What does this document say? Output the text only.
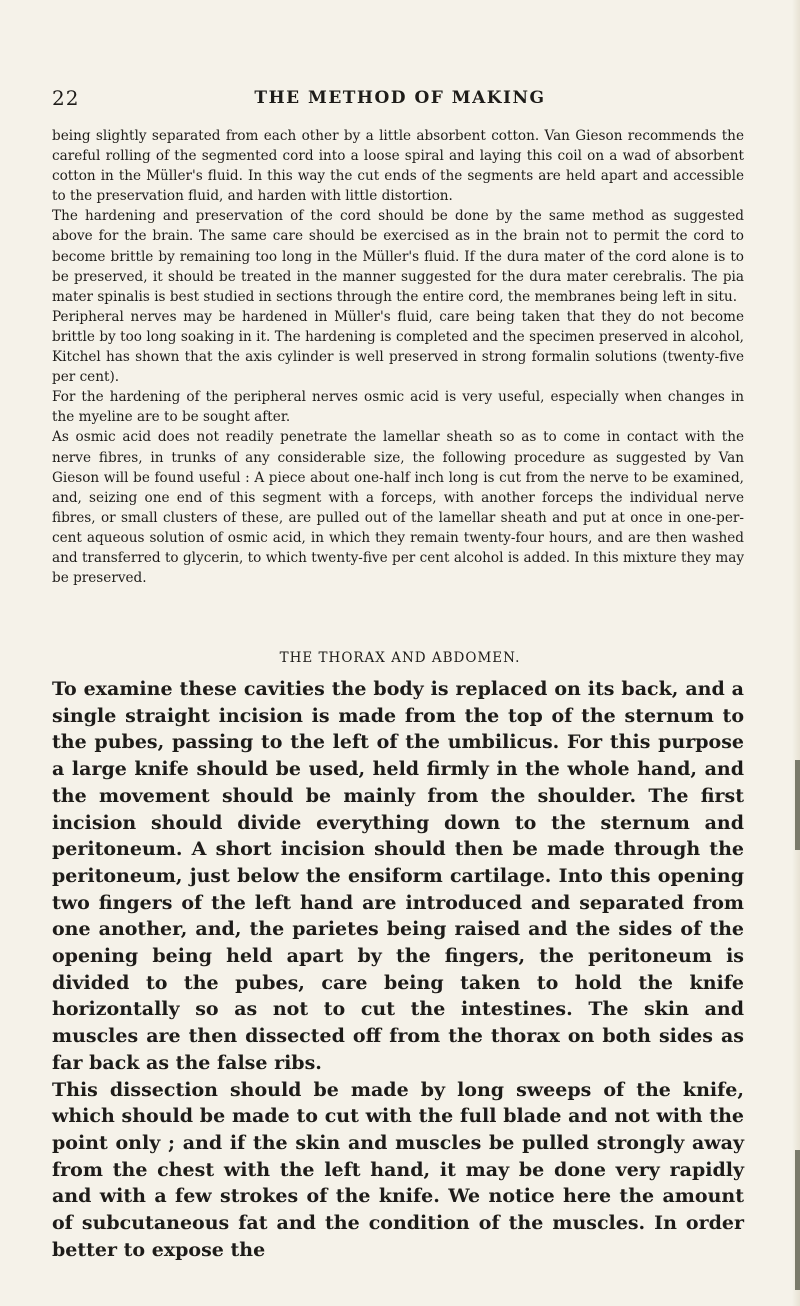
22	THE METHOD OF MAKING

being slightly separated from each other by a little absorbent cotton. Van Gieson recommends the careful rolling of the segmented cord into a loose spiral and laying this coil on a wad of absorbent cotton in the Müller's fluid. In this way the cut ends of the segments are held apart and accessible to the preservation fluid, and harden with little distortion.

The hardening and preservation of the cord should be done by the same method as suggested above for the brain. The same care should be exercised as in the brain not to permit the cord to become brittle by remaining too long in the Müller's fluid. If the dura mater of the cord alone is to be preserved, it should be treated in the manner suggested for the dura mater cerebralis. The pia mater spinalis is best studied in sections through the entire cord, the membranes being left in situ.

Peripheral nerves may be hardened in Müller's fluid, care being taken that they do not become brittle by too long soaking in it. The hardening is completed and the specimen preserved in alcohol, Kitchel has shown that the axis cylinder is well preserved in strong formalin solutions (twenty-five per cent).

For the hardening of the peripheral nerves osmic acid is very useful, especially when changes in the myeline are to be sought after.

As osmic acid does not readily penetrate the lamellar sheath so as to come in contact with the nerve fibres, in trunks of any considerable size, the following procedure as suggested by Van Gieson will be found useful : A piece about one-half inch long is cut from the nerve to be examined, and, seizing one end of this segment with a forceps, with another forceps the individual nerve fibres, or small clusters of these, are pulled out of the lamellar sheath and put at once in one-per-cent aqueous solution of osmic acid, in which they remain twenty-four hours, and are then washed and transferred to glycerin, to which twenty-five per cent alcohol is added. In this mixture they may be preserved.

THE THORAX AND ABDOMEN.

To examine these cavities the body is replaced on its back, and a single straight incision is made from the top of the sternum to the pubes, passing to the left of the umbilicus. For this purpose a large knife should be used, held firmly in the whole hand, and the movement should be mainly from the shoulder. The first incision should divide everything down to the sternum and peritoneum. A short incision should then be made through the peritoneum, just below the ensiform cartilage. Into this opening two fingers of the left hand are introduced and separated from one another, and, the parietes being raised and the sides of the opening being held apart by the fingers, the peritoneum is divided to the pubes, care being taken to hold the knife horizontally so as not to cut the intestines. The skin and muscles are then dissected off from the thorax on both sides as far back as the false ribs.

This dissection should be made by long sweeps of the knife, which should be made to cut with the full blade and not with the point only ; and if the skin and muscles be pulled strongly away from the chest with the left hand, it may be done very rapidly and with a few strokes of the knife. We notice here the amount of subcutaneous fat and the condition of the muscles. In order better to expose the
